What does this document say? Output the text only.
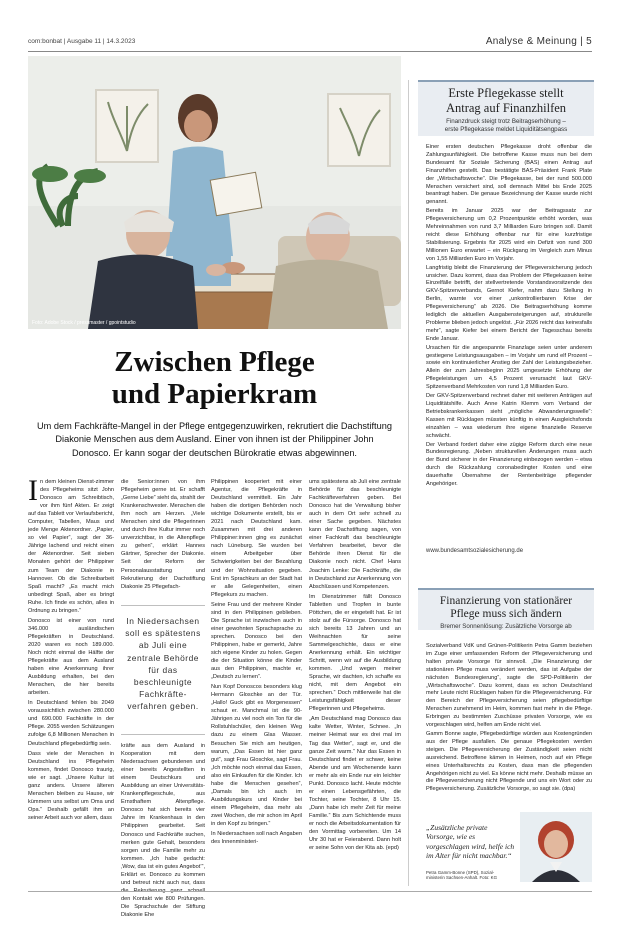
com:bonbat | Ausgabe 11 | 14.3.2023	Analyse & Meinung | 5
Foto: Adobe Stock / pressmaster / gpointstudio
Zwischen Pflege
und Papierkram
Um dem Fachkräfte-Mangel in der Pflege entgegenzuwirken, rekrutiert die Dachstiftung Diakonie Menschen aus dem Ausland. Einer von ihnen ist der Philippiner John Donosco. Er kann sogar der deutschen Bürokratie etwas abgewinnen.
I n dem kleinen Dienst-zimmer des Pflegeheims sitzt John Donosco am Schreibtisch, vor ihm fünf Akten. Er zeigt auf das Tablett vor Verlaufsbericht, Computer, Tabellen, Maus und jede Menge Aktenordner. „Papier, so viel Papier“, sagt der 36-Jährige lachend und reicht einen der Aktenordner. Seit sieben Monaten gehört der Philippiner zum Team der Diakonie in Hannover. Ob die Schreibarbeit Spaß macht? „Es macht mich unbedingt Spaß, aber es bringt Ruhe. Ich finde es schön, alles in Ordnung zu bringen.“

Donosco ist einer von rund 346.000 ausländischen Pflegekräften in Deutschland. 2020 waren es noch 189.000. Noch nicht einmal die Hälfte der Pflegekräfte aus dem Ausland haben eine Anerkennung ihrer Ausbildung erhalten, bei den Menschen, die hier bereits arbeiten.

In Deutschland fehlen bis 2049 voraussichtlich zwischen 280.000 und 690.000 Fachkräfte in der Pflege. 2055 werden Schätzungen zufolge 6,8 Millionen Menschen in Deutschland pflegebedürftig sein.

Dass viele der Menschen in Deutschland ins Pflegeheim kommen, findet Donosco traurig, wie er sagt. „Unsere Kultur ist ganz anders. Unsere älteren Menschen bleiben zu Hause, wir kümmern uns selbst um Oma und Opa.“ Deshalb gefällt ihm an seiner Arbeit auch vor allem, dass

die Senior:innen von ihm Pflegeheim gerne ist. Er schafft „Gerne Liebe“ sieht da, strahlt der Krankenschwester. Menschen die ihm noch am Herzen. „Viele Menschen sind die Pflegerinnen und durch ihre Kultur immer noch unverzichtbar, in die Altenpflege zu gehen“, erklärt Hannes Gärtner, Sprecher der Diakonie. Seit der Reform der Personalausstattung und Rekrutierung der Dachstiftung Diakonie 25 Pflegefach-

In Niedersachsen soll es spätestens ab Juli eine zentrale Behörde für das beschleunigte Fachkräfte-verfahren geben.

kräfte aus dem Ausland in Kooperation mit dem Niedersachsen gebundenen und einer bereits Angestellten in einem Deutschkurs und Ausbildung an einer Universitäts-Krankenpflegeschule, aus Ernsthaftem Altenpflege. Donosco hat sich bereits vier Jahre im Krankenhaus in den Philippinen gearbeitet. Seit Donosco und Fachkräfte suchen, merken gute Gehalt, besonders sorgen und die Familie mehr zu kommen. „Ich habe gedacht: ‚Wow, das ist ein gutes Angebot‘“, Erklärt er. Donosco zu kommen und betreut nicht auch nur, dass die Rekrutierung ganz schnell den Kontakt wie 800 Prüfungen. Die Sprachschule der Stiftung Diakonie Ehe

Philippinen kooperiert mit einer Agentur, die Pflegekräfte in Deutschland vermittelt. Ein Jahr haben die dortigen Behörden noch wichtige Dokumente erstellt, bis er 2021 nach Deutschland kam. Zusammen mit drei anderen Philippiner:innen ging es zunächst nach Lüneburg. Sie wurden bei einem Arbeitgeber über Schwierigkeiten bei der Bezahlung und der Wohnsituation gegeben. Erst im Sprachkurs an der Stadt hat er alle Gelegenheiten, einen Pflegekurs zu machen.

Seine Frau und der mehrere Kinder sind in den Philippinen geblieben. Die Sprache ist inzwischen auch in einer gewohnten Sprachsprache zu sprechen. Donosco bei den Philippinen, habe er gemerkt, Jahre sich eigene Kinder zu holen. Gegen die der Situation könne die Kinder aus den Philippinen, machte er, „Deutsch zu lernen“.

Nun Kopf Donoscos besonders klug Hermann Gloschke an der Tür. „Hallo! Guck gibt es Morgenessen“ schaut er. Manchmal ist die 90-Jährigen zu viel noch ein Ton für die Rollstuhlschüler, den kleinen Weg dazu zu einem Glas Wasser. Besuchen Sie mich am heutigen, warum, „Das Essen ist hier ganz gut“, sagt Frau Gloschke, sagt Frau. „Ich möchte noch einmal das Essen, also ein Einkaufen für die Kinder. Ich habe die Menschen gesehen“, „Damals bin ich auch im Ausbildungskurs und Kinder bei einem Pflegeheim, das mehr als zwei Wochen, die mir schon im April in den Kopf zu bringen.“

In Niedersachsen soll nach Angaben des Innenministeri-

ums spätestens ab Juli eine zentrale Behörde für das beschleunigte Fachkräfteverfahren geben. Bei Donosco hat die Verwaltung bisher auch in dem Ort sehr schnell zu einer Sache gegeben. Nächstes kann der Dachstiftung sagen, von einer Fachkraft das beschleunigte Verfahren bearbeitet, bevor die Behörde ihren Dienst für die Diakonie noch nicht. Chef Hans Joachim Lenke: Die Fachkräfte, die in Deutschland zur Anerkennung von Abschlüssen und Kompetenzen.

Im Dienstzimmer fällt Donosco Tabletten und Tropfen in bunte Pöttchen, die er eingeteilt hat. Er ist stolz auf die Fürsorge. Donosco hat sich bereits 13 Jahren und an Weihnachten für seine Sammelgeschichte, dass er eine Anerkennung erhält. Ein wichtiger Schritt, wenn wir auf die Ausbildung kommen. „Und wegen meiner Sprache, wir dachten, ich schaffe es nicht, mit dem Angebot ein sprechen.“ Doch mittlerweile hat die Leistungsfähigkeit dieser Pflegerinnen und Pflegeheims.

„Am Deutschland mag Donosco das kalte Wetter, Winter, Schnee. „In meiner Heimat war es drei mal im Tag das Wetter“, sagt er, und die ganze Zeit warm.“ Nur das Essen in Deutschland findet er schwer, keine Abende und am Wochenende kann er mehr als ein Ende nur ein leichter Punkt. Donosco lacht. Heute möchte er einen Lebensgefährten, die Tochter, seine Tochter, 8 Uhr 15. „Dann habe ich mehr Zeit für meine Familie.“ Bis zum Schichtende muss er noch die Arbeitsdokumentation für den Vormittag vorbereiten. Um 14 Uhr 30 hat er Feierabend. Dann holt er seine Sohn von der Kita ab. (epd)

Erste Pflegekasse stellt
Antrag auf Finanzhilfen
Finanzdruck steigt trotz Beitragserhöhung –
erste Pflegekasse meldet Liquiditätsengpass

Einer ersten deutschen Pflegekasse droht offenbar die Zahlungsunfähigkeit. Die betroffene Kasse muss nun bei dem Bundesamt für Soziale Sicherung (BAS) einen Antrag auf Finanzhilfen gestellt. Das bestätigte BAS-Präsident Frank Plate der „Wirtschaftswoche“. Die Pflegekasse, bei der rund 500.000 Menschen versichert sind, soll demnach Mittel bis Ende 2025 beantragt haben. Die genaue Bezeichnung der Kasse wurde nicht genannt.

Bereits im Januar 2025 war der Beitragssatz zur Pflegeversicherung um 0,2 Prozentpunkte erhöht worden, was Mehreinnahmen von rund 3,7 Milliarden Euro bringen soll. Damit reicht diese Erhöhung offenbar nur für eine kurzfristige Stabilisierung. Ergebnis für 2025 wird ein Defizit von rund 300 Millionen Euro erwartet – ein Rückgang im Vergleich zum Minus von 1,55 Milliarden Euro im Vorjahr.

Langfristig bleibt die Finanzierung der Pflegeversicherung jedoch unsicher. Dazu kommt, dass das Problem der Pflegekassen keine Einzelfälle betrifft, der stellvertretende Vorstandsvorsitzende des GKV-Spitzenverbands, Gernot Kiefer, nahm dazu Stellung in Berlin, warnte vor einer „unkontrollierbaren Krise der Pflegeversicherung“ ab 2026. Die Beitragserhöhung komme lediglich die aktuellen Ausgabensteigerungen auf, strukturelle Probleme blieben jedoch ungelöst. „Für 2026 reicht das keinesfalls mehr“, sagte Kiefer bei einem Bericht der Tagesschau bereits Ende Januar.

Ursachen für die angespannte Finanzlage seien unter anderem gestiegene Leistungsausgaben – im Vorjahr um rund elf Prozent – sowie ein kontinuierlicher Anstieg der Zahl der Leistungsbezieher. Allein der zum Jahresbeginn 2025 umgesetzte Erhöhung der Pflegeleistungen um 4,5 Prozent verursacht laut GKV-Spitzenverband Mehrkosten von rund 1,8 Milliarden Euro.

Der GKV-Spitzenverband rechnet daher mit weiteren Anträgen auf Liquiditätshilfe. Auch Anne Katrin Klemm vom Verband der Betriebskrankenkassen sieht „mögliche Abwanderungswelle“: Kassen mit Rücklagen müssten künftig in einen Ausgleichsfonds einzahlen – was wiederum ihre eigene finanzielle Reserve schwächt.

Der Verband fordert daher eine zügige Reform durch eine neue Bundesregierung. „Neben strukturellen Änderungen muss auch der Bund sicherer in der Finanzierung einbezogen werden – etwa durch die Rückzahlung coronabedingter Kosten und eine dauerhafte Übernahme der Rentenbeiträge pflegender Angehöriger.

www.bundesamtsozialesicherung.de
Finanzierung von stationärer
Pflege muss sich ändern
Bremer Sonnenlösung: Zusätzliche Vorsorge ab

Sozialverband VdK und Grünen-Politikerin Petra Gamm beziehen im Zuge einer umfassenden Reform der Pflegeversicherung und halten private Vorsorge für sinnvoll. „Die Finanzierung der stationären Pflege muss verändert werden, das ist Aufgabe der nächsten Bundesregierung“, sagte die SPD-Politikerin der „Wirtschaftswoche“. Dazu kommt, dass es schon Deutschland mehr Leute nicht Rücklagen haben für die Pflegeversicherung. Für den Bereich der Pflegeversicherung seien pflegebedürftige Menschen zunehmend im Heim, kommen fast mehr in die Pflege. Erbringen zu bestimmten Zuschüsse privaten Vorsorge, wie es vorgeschlagen wird, helfen am Ende nicht viel.

Gamm Bonne sagte, Pflegebedürftige würden aus Kostengründen aus der Pflege ausfallen. Die genaue Pflegekosten werden steigen. Die Pflegeversicherung der Zuständigkeit seien nicht ausreichend. Betroffene kämen in Heimen, noch auf ein Pflege eines Unterhaltsrechts zu Kosten, dass man die pflegenden Angehörigen nicht zu viel. Es könne nicht mehr. Deshalb müsse an die Pflegeversicherung nicht Pflegende und uns ein Wort oder zu Pflegeversicherung. Zusätzliche Vorsorge, so sagt sie. (dpa)

„Zusätzliche private Vorsorge, wie es vorgeschlagen wird, helfe ich im Alter für nicht machbar.“
Petra Gamm-Bonne (SPD), Sozial-
ministerin Sachsen-Anhalt. Foto: KG
